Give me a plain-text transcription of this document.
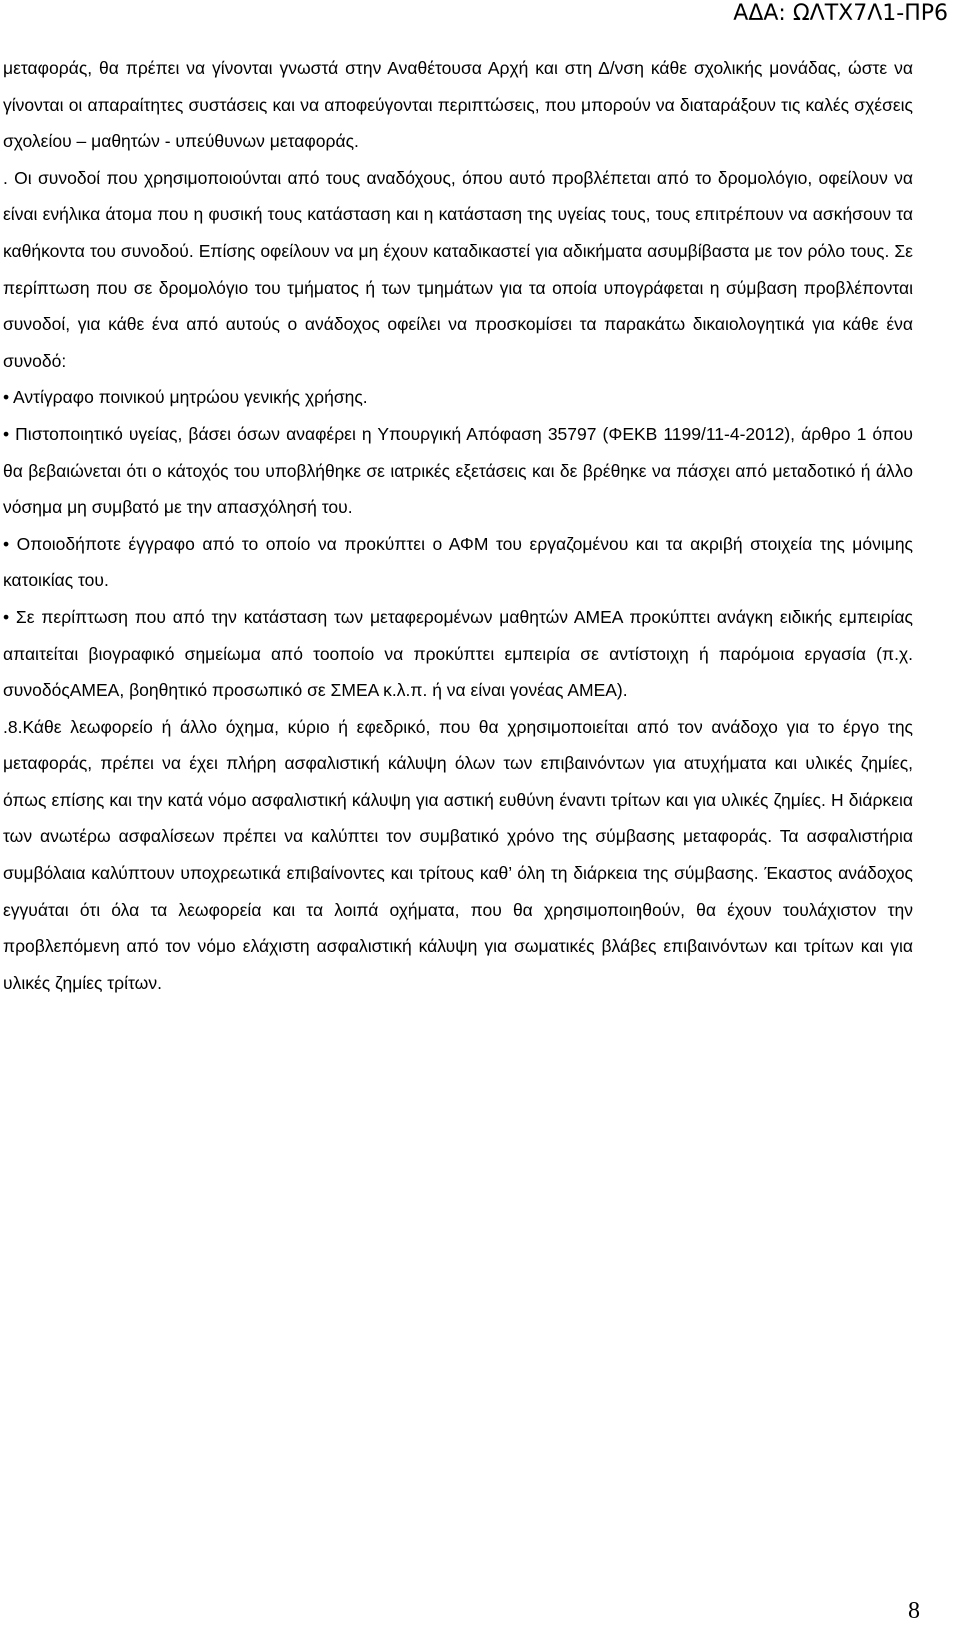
ΑΔΑ: ΩΛΤΧ7Λ1-ΠΡ6

μεταφοράς, θα πρέπει να γίνονται γνωστά στην Αναθέτουσα Αρχή και στη Δ/νση κάθε σχολικής μονάδας, ώστε να γίνονται οι απαραίτητες συστάσεις και να αποφεύγονται περιπτώσεις, που μπορούν να διαταράξουν τις καλές σχέσεις σχολείου – μαθητών - υπεύθυνων μεταφοράς.

. Οι συνοδοί που χρησιμοποιούνται από τους αναδόχους, όπου αυτό προβλέπεται από το δρομολόγιο, οφείλουν να είναι ενήλικα άτομα που η φυσική τους κατάσταση και η κατάσταση της υγείας τους, τους επιτρέπουν να ασκήσουν τα καθήκοντα του συνοδού. Επίσης οφείλουν να μη έχουν καταδικαστεί για αδικήματα ασυμβίβαστα με τον ρόλο τους. Σε περίπτωση που σε δρομολόγιο του τμήματος ή των τμημάτων για τα οποία υπογράφεται η σύμβαση προβλέπονται συνοδοί, για κάθε ένα από αυτούς ο ανάδοχος οφείλει να προσκομίσει τα παρακάτω δικαιολογητικά για κάθε ένα συνοδό:

• Αντίγραφο ποινικού μητρώου γενικής χρήσης.

• Πιστοποιητικό υγείας, βάσει όσων αναφέρει η Υπουργική Απόφαση 35797 (ΦΕΚΒ 1199/11-4-2012), άρθρο 1 όπου θα βεβαιώνεται ότι ο κάτοχός του υποβλήθηκε σε ιατρικές εξετάσεις και δε βρέθηκε να πάσχει από μεταδοτικό ή άλλο νόσημα μη συμβατό με την απασχόλησή του.

• Οποιοδήποτε έγγραφο από το οποίο να προκύπτει ο ΑΦΜ του εργαζομένου και τα ακριβή στοιχεία της μόνιμης κατοικίας του.

• Σε περίπτωση που από την κατάσταση των μεταφερομένων μαθητών ΑΜΕΑ προκύπτει ανάγκη ειδικής εμπειρίας απαιτείται βιογραφικό σημείωμα από τοοποίο να προκύπτει εμπειρία σε αντίστοιχη ή παρόμοια εργασία (π.χ. συνοδόςΑΜΕΑ, βοηθητικό προσωπικό σε ΣΜΕΑ κ.λ.π. ή να είναι γονέας ΑΜΕΑ).

.8.Κάθε λεωφορείο ή άλλο όχημα, κύριο ή εφεδρικό, που θα χρησιμοποιείται από τον ανάδοχο για το έργο της μεταφοράς, πρέπει να έχει πλήρη ασφαλιστική κάλυψη όλων των επιβαινόντων για ατυχήματα και υλικές ζημίες, όπως επίσης και την κατά νόμο ασφαλιστική κάλυψη για αστική ευθύνη έναντι τρίτων και για υλικές ζημίες. Η διάρκεια των ανωτέρω ασφαλίσεων πρέπει να καλύπτει τον συμβατικό χρόνο της σύμβασης μεταφοράς. Τα ασφαλιστήρια συμβόλαια καλύπτουν υποχρεωτικά επιβαίνοντες και τρίτους καθ’ όλη τη διάρκεια της σύμβασης. Έκαστος ανάδοχος εγγυάται ότι όλα τα λεωφορεία και τα λοιπά οχήματα, που θα χρησιμοποιηθούν, θα έχουν τουλάχιστον την προβλεπόμενη από τον νόμο ελάχιστη ασφαλιστική κάλυψη για σωματικές βλάβες επιβαινόντων και τρίτων και για υλικές ζημίες τρίτων.

8
